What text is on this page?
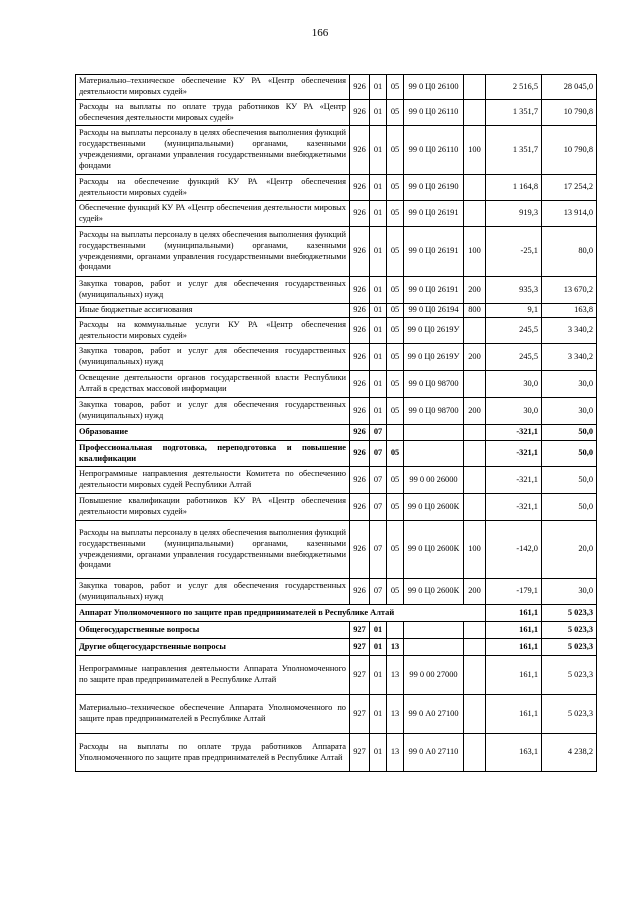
166
Материально–техническое обеспечение КУ РА «Центр обеспечения деятельности мировых судей»	926	01	05	99 0 Ц0 26100		2 516,5	28 045,0
Расходы на выплаты по оплате труда работников КУ РА «Центр обеспечения деятельности мировых судей»	926	01	05	99 0 Ц0 26110		1 351,7	10 790,8
Расходы на выплаты персоналу в целях обеспечения выполнения функций государственными (муниципальными) органами, казенными учреждениями, органами управления государственными внебюджетными фондами	926	01	05	99 0 Ц0 26110	100	1 351,7	10 790,8
Расходы на обеспечение функций КУ РА «Центр обеспечения деятельности мировых судей»	926	01	05	99 0 Ц0 26190		1 164,8	17 254,2
Обеспечение функций КУ РА «Центр обеспечения деятельности мировых судей»	926	01	05	99 0 Ц0 26191		919,3	13 914,0
Расходы на выплаты персоналу в целях обеспечения выполнения функций государственными (муниципальными) органами, казенными учреждениями, органами управления государственными внебюджетными фондами	926	01	05	99 0 Ц0 26191	100	-25,1	80,0
Закупка товаров, работ и услуг для обеспечения государственных (муниципальных) нужд	926	01	05	99 0 Ц0 26191	200	935,3	13 670,2
Иные бюджетные ассигнования	926	01	05	99 0 Ц0 26194	800	9,1	163,8
Расходы на коммунальные услуги КУ РА «Центр обеспечения деятельности мировых судей»	926	01	05	99 0 Ц0 2619У		245,5	3 340,2
Закупка товаров, работ и услуг для обеспечения государственных (муниципальных) нужд	926	01	05	99 0 Ц0 2619У	200	245,5	3 340,2
Освещение деятельности органов государственной власти Республики Алтай в средствах массовой информации	926	01	05	99 0 Ц0 98700		30,0	30,0
Закупка товаров, работ и услуг для обеспечения государственных (муниципальных) нужд	926	01	05	99 0 Ц0 98700	200	30,0	30,0
Образование	926	07				-321,1	50,0
Профессиональная подготовка, переподготовка и повышение квалификации	926	07	05			-321,1	50,0
Непрограммные направления деятельности Комитета по обеспечению деятельности мировых судей Республики Алтай	926	07	05	99 0 00 26000		-321,1	50,0
Повышение квалификации работников КУ РА «Центр обеспечения деятельности мировых судей»	926	07	05	99 0 Ц0 2600К		-321,1	50,0
Расходы на выплаты персоналу в целях обеспечения выполнения функций государственными (муниципальными) органами, казенными учреждениями, органами управления государственными внебюджетными фондами	926	07	05	99 0 Ц0 2600К	100	-142,0	20,0
Закупка товаров, работ и услуг для обеспечения государственных (муниципальных) нужд	926	07	05	99 0 Ц0 2600К	200	-179,1	30,0
Аппарат Уполномоченного по защите прав предпринимателей в Республике Алтай						161,1	5 023,3
Общегосударственные вопросы	927	01				161,1	5 023,3
Другие общегосударственные вопросы	927	01	13			161,1	5 023,3
Непрограммные направления деятельности Аппарата Уполномоченного по защите прав предпринимателей в Республике Алтай	927	01	13	99 0 00 27000		161,1	5 023,3
Материально–техническое обеспечение Аппарата Уполномоченного по защите прав предпринимателей в Республике Алтай	927	01	13	99 0 А0 27100		161,1	5 023,3
Расходы на выплаты по оплате труда работников Аппарата Уполномоченного по защите прав предпринимателей в Республике Алтай	927	01	13	99 0 А0 27110		163,1	4 238,2
